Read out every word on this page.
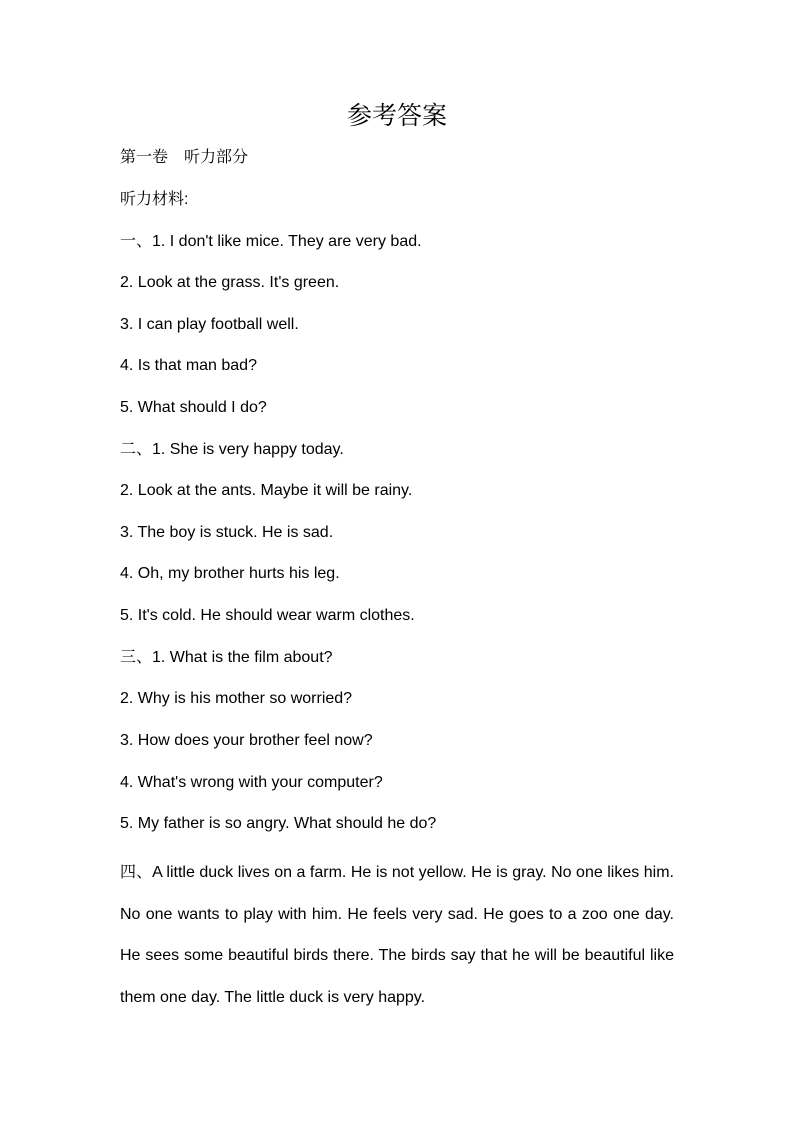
参考答案

第一卷　听力部分

听力材料:

一、1. I don't like mice. They are very bad.

2. Look at the grass. It's green.

3. I can play football well.

4. Is that man bad?

5. What should I do?

二、1. She is very happy today.

2. Look at the ants. Maybe it will be rainy.

3. The boy is stuck. He is sad.

4. Oh, my brother hurts his leg.

5. It's cold. He should wear warm clothes.

三、1. What is the film about?

2. Why is his mother so worried?

3. How does your brother feel now?

4. What's wrong with your computer?

5. My father is so angry. What should he do?

四、A little duck lives on a farm. He is not yellow. He is gray. No one likes him. No one wants to play with him. He feels very sad. He goes to a zoo one day. He sees some beautiful birds there. The birds say that he will be beautiful like them one day. The little duck is very happy.
